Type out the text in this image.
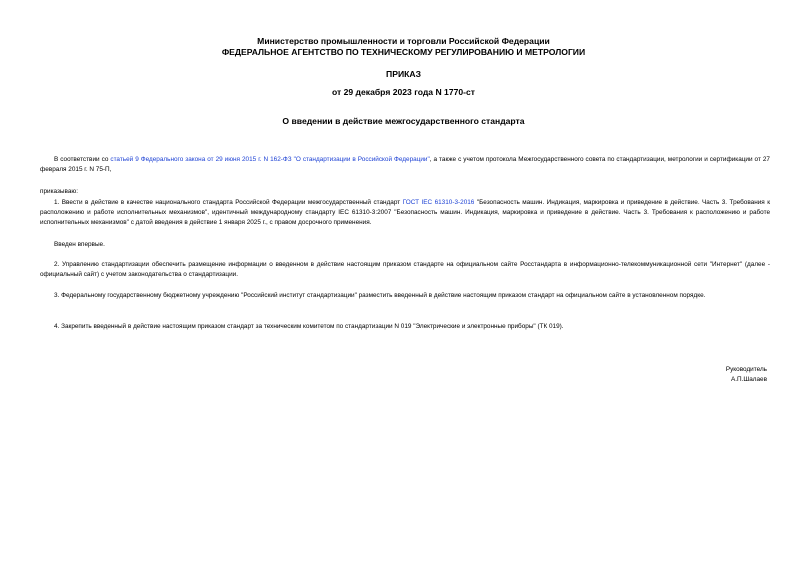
Министерство промышленности и торговли Российской Федерации
ФЕДЕРАЛЬНОЕ АГЕНТСТВО ПО ТЕХНИЧЕСКОМУ РЕГУЛИРОВАНИЮ И МЕТРОЛОГИИ
ПРИКАЗ
от 29 декабря 2023 года N 1770-ст
О введении в действие межгосударственного стандарта
В соответствии со статьей 9 Федерального закона от 29 июня 2015 г. N 162-ФЗ "О стандартизации в Российской Федерации", а также с учетом протокола Межгосударственного совета по стандартизации, метрологии и сертификации от 27 февраля 2015 г. N 75-П,
приказываю:
1. Ввести в действие в качестве национального стандарта Российской Федерации межгосударственный стандарт ГОСТ IEC 61310-3-2016 "Безопасность машин. Индикация, маркировка и приведение в действие. Часть 3. Требования к расположению и работе исполнительных механизмов", идентичный международному стандарту IEC 61310-3:2007 "Безопасность машин. Индикация, маркировка и приведение в действие. Часть 3. Требования к расположению и работе исполнительных механизмов" с датой введения в действие 1 января 2025 г., с правом досрочного применения.
Введен впервые.
2. Управлению стандартизации обеспечить размещение информации о введенном в действие настоящим приказом стандарте на официальном сайте Росстандарта в информационно-телекоммуникационной сети "Интернет" (далее - официальный сайт) с учетом законодательства о стандартизации.
3. Федеральному государственному бюджетному учреждению "Российский институт стандартизации" разместить введенный в действие настоящим приказом стандарт на официальном сайте в установленном порядке.
4. Закрепить введенный в действие настоящим приказом стандарт за техническим комитетом по стандартизации N 019 "Электрические и электронные приборы" (ТК 019).
Руководитель
А.П.Шалаев
